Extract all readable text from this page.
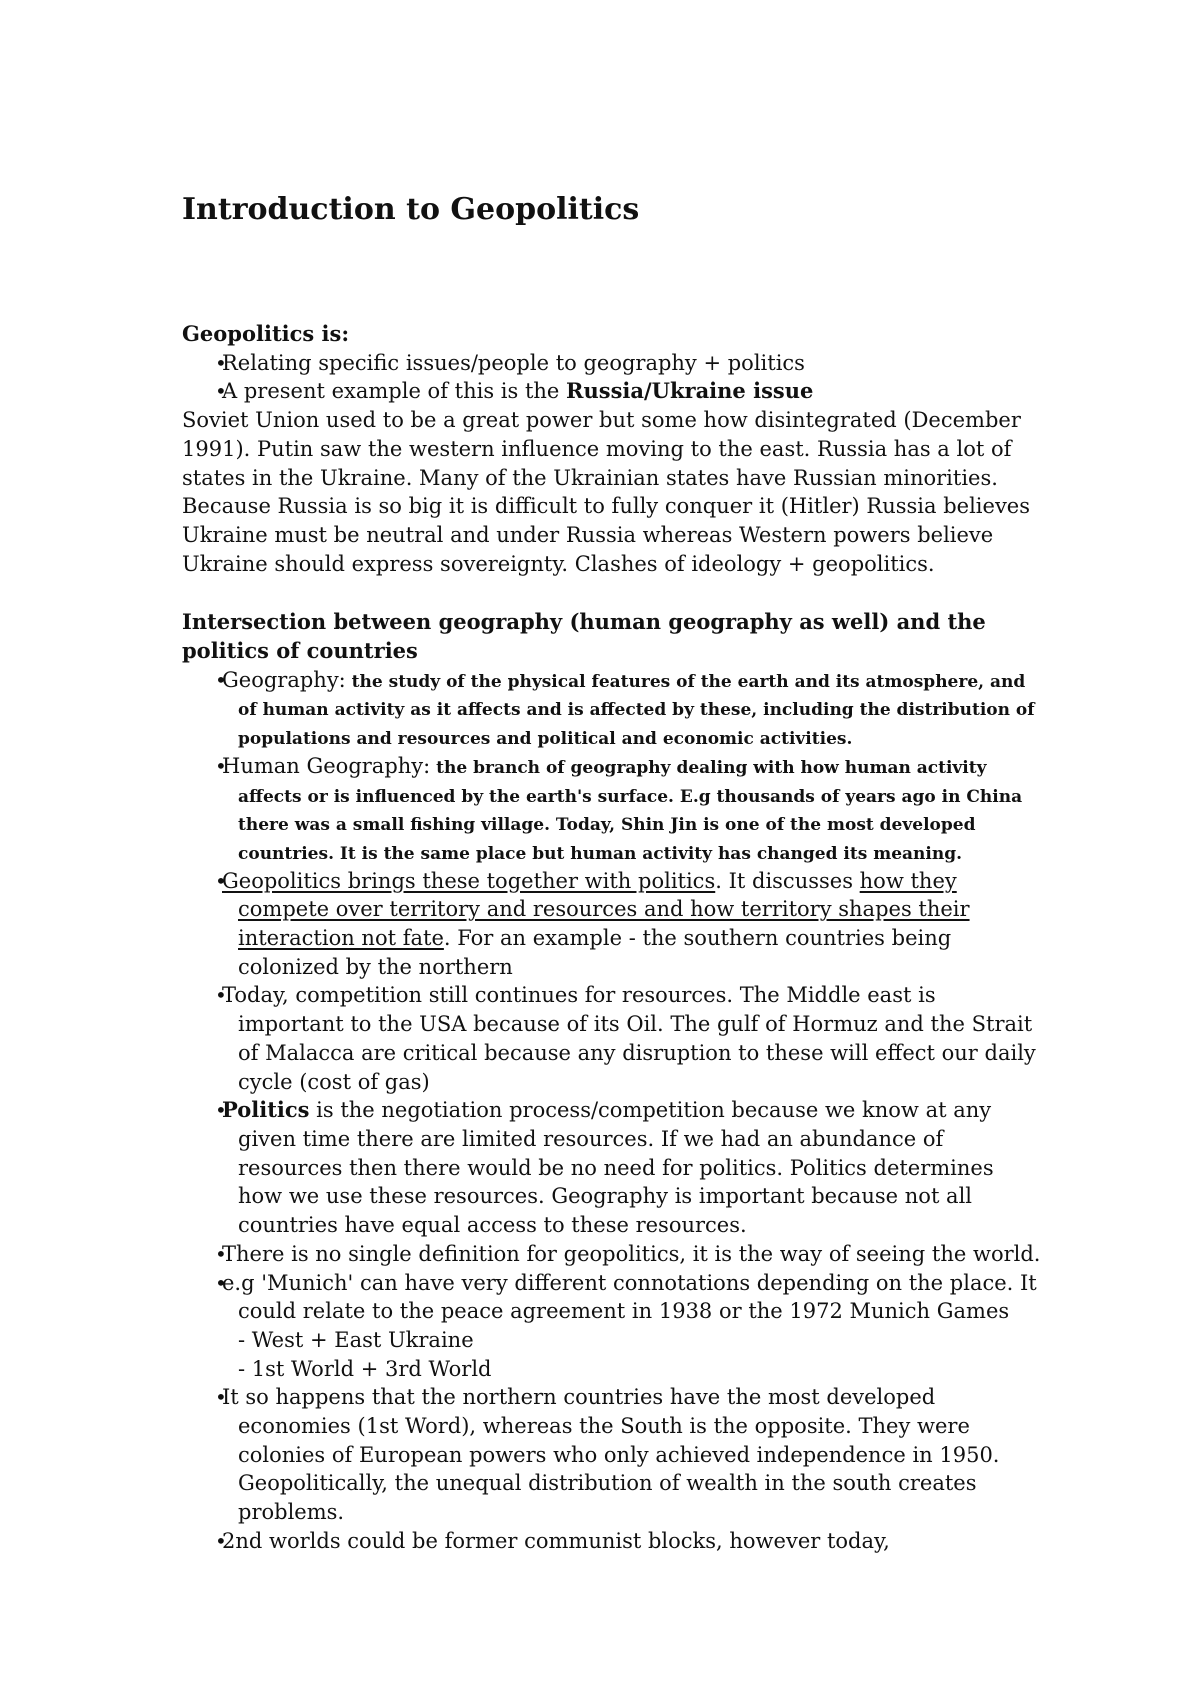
Introduction to Geopolitics
Geopolitics is:
• Relating specific issues/people to geography + politics
• A present example of this is the Russia/Ukraine issue

Soviet Union used to be a great power but some how disintegrated (December 1991). Putin saw the western influence moving to the east. Russia has a lot of states in the Ukraine. Many of the Ukrainian states have Russian minorities. Because Russia is so big it is difficult to fully conquer it (Hitler) Russia believes Ukraine must be neutral and under Russia whereas Western powers believe Ukraine should express sovereignty. Clashes of ideology + geopolitics.

Intersection between geography (human geography as well) and the politics of countries
• Geography: the study of the physical features of the earth and its atmosphere, and of human activity as it affects and is affected by these, including the distribution of populations and resources and political and economic activities.
• Human Geography: the branch of geography dealing with how human activity affects or is influenced by the earth's surface. E.g thousands of years ago in China there was a small fishing village. Today, Shin Jin is one of the most developed countries. It is the same place but human activity has changed its meaning.
• Geopolitics brings these together with politics. It discusses how they compete over territory and resources and how territory shapes their interaction not fate. For an example - the southern countries being colonized by the northern
• Today, competition still continues for resources. The Middle east is important to the USA because of its Oil. The gulf of Hormuz and the Strait of Malacca are critical because any disruption to these will effect our daily cycle (cost of gas)
• Politics is the negotiation process/competition because we know at any given time there are limited resources. If we had an abundance of resources then there would be no need for politics. Politics determines how we use these resources. Geography is important because not all countries have equal access to these resources.
• There is no single definition for geopolitics, it is the way of seeing the world.
• e.g 'Munich' can have very different connotations depending on the place. It could relate to the peace agreement in 1938 or the 1972 Munich Games
- West + East Ukraine
- 1st World + 3rd World
• It so happens that the northern countries have the most developed economies (1st Word), whereas the South is the opposite. They were colonies of European powers who only achieved independence in 1950. Geopolitically, the unequal distribution of wealth in the south creates problems.
• 2nd worlds could be former communist blocks, however today,
